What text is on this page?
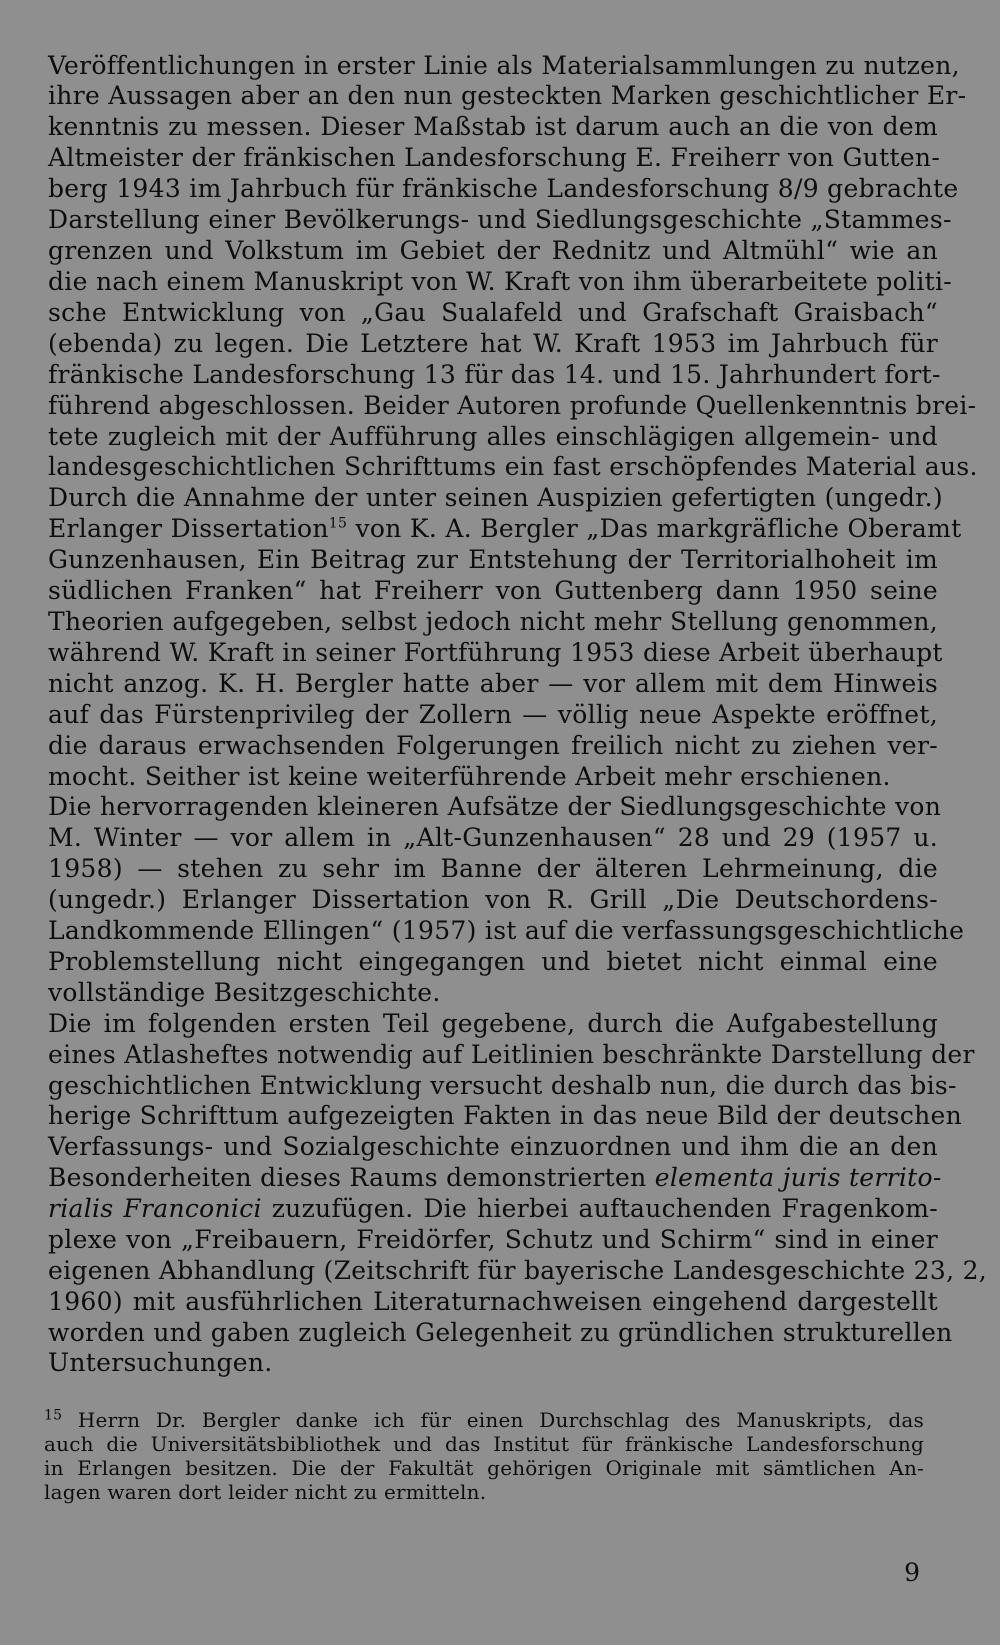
Veröffentlichungen in erster Linie als Materialsammlungen zu nutzen,
ihre Aussagen aber an den nun gesteckten Marken geschichtlicher Er-
kenntnis zu messen. Dieser Maßstab ist darum auch an die von dem
Altmeister der fränkischen Landesforschung E. Freiherr von Gutten-
berg 1943 im Jahrbuch für fränkische Landesforschung 8/9 gebrachte
Darstellung einer Bevölkerungs- und Siedlungsgeschichte „Stammes-
grenzen und Volkstum im Gebiet der Rednitz und Altmühl“ wie an
die nach einem Manuskript von W. Kraft von ihm überarbeitete politi-
sche Entwicklung von „Gau Sualafeld und Grafschaft Graisbach“
(ebenda) zu legen. Die Letztere hat W. Kraft 1953 im Jahrbuch für
fränkische Landesforschung 13 für das 14. und 15. Jahrhundert fort-
führend abgeschlossen. Beider Autoren profunde Quellenkenntnis brei-
tete zugleich mit der Aufführung alles einschlägigen allgemein- und
landesgeschichtlichen Schrifttums ein fast erschöpfendes Material aus.
Durch die Annahme der unter seinen Auspizien gefertigten (ungedr.)
Erlanger Dissertation$^{15}$ von K. A. Bergler „Das markgräfliche Oberamt
Gunzenhausen, Ein Beitrag zur Entstehung der Territorialhoheit im
südlichen Franken“ hat Freiherr von Guttenberg dann 1950 seine
Theorien aufgegeben, selbst jedoch nicht mehr Stellung genommen,
während W. Kraft in seiner Fortführung 1953 diese Arbeit überhaupt
nicht anzog. K. H. Bergler hatte aber — vor allem mit dem Hinweis
auf das Fürstenprivileg der Zollern — völlig neue Aspekte eröffnet,
die daraus erwachsenden Folgerungen freilich nicht zu ziehen ver-
mocht. Seither ist keine weiterführende Arbeit mehr erschienen.
Die hervorragenden kleineren Aufsätze der Siedlungsgeschichte von
M. Winter — vor allem in „Alt-Gunzenhausen“ 28 und 29 (1957 u.
1958) — stehen zu sehr im Banne der älteren Lehrmeinung, die
(ungedr.) Erlanger Dissertation von R. Grill „Die Deutschordens-
Landkommende Ellingen“ (1957) ist auf die verfassungsgeschichtliche
Problemstellung nicht eingegangen und bietet nicht einmal eine
vollständige Besitzgeschichte.
Die im folgenden ersten Teil gegebene, durch die Aufgabestellung
eines Atlasheftes notwendig auf Leitlinien beschränkte Darstellung der
geschichtlichen Entwicklung versucht deshalb nun, die durch das bis-
herige Schrifttum aufgezeigten Fakten in das neue Bild der deutschen
Verfassungs- und Sozialgeschichte einzuordnen und ihm die an den
Besonderheiten dieses Raums demonstrierten elementa juris territo-
rialis Franconici zuzufügen. Die hierbei auftauchenden Fragenkom-
plexe von „Freibauern, Freidörfer, Schutz und Schirm“ sind in einer
eigenen Abhandlung (Zeitschrift für bayerische Landesgeschichte 23, 2,
1960) mit ausführlichen Literaturnachweisen eingehend dargestellt
worden und gaben zugleich Gelegenheit zu gründlichen strukturellen
Untersuchungen.
$^{15}$ Herrn Dr. Bergler danke ich für einen Durchschlag des Manuskripts, das
auch die Universitätsbibliothek und das Institut für fränkische Landesforschung
in Erlangen besitzen. Die der Fakultät gehörigen Originale mit sämtlichen An-
lagen waren dort leider nicht zu ermitteln.
9
